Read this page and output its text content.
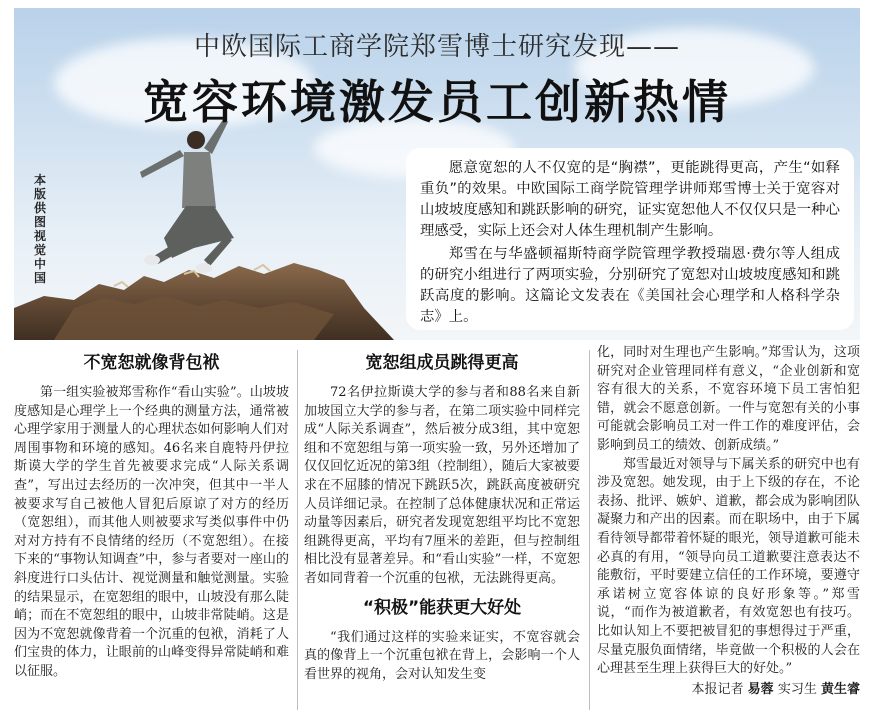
中欧国际工商学院郑雪博士研究发现——
宽容环境激发员工创新热情
本版供图 视觉中国

愿意宽恕的人不仅宽的是“胸襟”，更能跳得更高，产生“如释重负”的效果。中欧国际工商学院管理学讲师郑雪博士关于宽容对山坡坡度感知和跳跃影响的研究，证实宽恕他人不仅仅只是一种心理感受，实际上还会对人体生理机制产生影响。

郑雪在与华盛顿福斯特商学院管理学教授瑞恩·费尔等人组成的研究小组进行了两项实验，分别研究了宽恕对山坡坡度感知和跳跃高度的影响。这篇论文发表在《美国社会心理学和人格科学杂志》上。

不宽恕就像背包袱

第一组实验被郑雪称作“看山实验”。山坡坡度感知是心理学上一个经典的测量方法，通常被心理学家用于测量人的心理状态如何影响人们对周围事物和环境的感知。46名来自鹿特丹伊拉斯谟大学的学生首先被要求完成“人际关系调查”，写出过去经历的一次冲突，但其中一半人被要求写自己被他人冒犯后原谅了对方的经历（宽恕组），而其他人则被要求写类似事件中仍对对方持有不良情绪的经历（不宽恕组）。在接下来的“事物认知调查”中，参与者要对一座山的斜度进行口头估计、视觉测量和触觉测量。实验的结果显示，在宽恕组的眼中，山坡没有那么陡峭；而在不宽恕组的眼中，山坡非常陡峭。这是因为不宽恕就像背着一个沉重的包袱，消耗了人们宝贵的体力，让眼前的山峰变得异常陡峭和难以征服。

宽恕组成员跳得更高

72名伊拉斯谟大学的参与者和88名来自新加坡国立大学的参与者，在第二项实验中同样完成“人际关系调查”，然后被分成3组，其中宽恕组和不宽恕组与第一项实验一致，另外还增加了仅仅回忆近况的第3组（控制组），随后大家被要求在不屈膝的情况下跳跃5次，跳跃高度被研究人员详细记录。在控制了总体健康状况和正常运动量等因素后，研究者发现宽恕组平均比不宽恕组跳得更高，平均有7厘米的差距，但与控制组相比没有显著差异。和“看山实验”一样，不宽恕者如同背着一个沉重的包袱，无法跳得更高。

“积极”能获更大好处

“我们通过这样的实验来证实，不宽容就会真的像背上一个沉重包袱在背上，会影响一个人看世界的视角，会对认知发生变

化，同时对生理也产生影响。”郑雪认为，这项研究对企业管理同样有意义，“企业创新和宽容有很大的关系，不宽容环境下员工害怕犯错，就会不愿意创新。一件与宽恕有关的小事可能就会影响员工对一件工作的难度评估，会影响到员工的绩效、创新成绩。”

郑雪最近对领导与下属关系的研究中也有涉及宽恕。她发现，由于上下级的存在，不论表扬、批评、嫉妒、道歉，都会成为影响团队凝聚力和产出的因素。而在职场中，由于下属看待领导都带着怀疑的眼光，领导道歉可能未必真的有用，“领导向员工道歉要注意表达不能敷衍，平时要建立信任的工作环境，要遵守承诺树立宽容体谅的良好形象等。”郑雪说，“而作为被道歉者，有效宽恕也有技巧。比如认知上不要把被冒犯的事想得过于严重，尽量克服负面情绪，毕竟做一个积极的人会在心理甚至生理上获得巨大的好处。”

本报记者 易蓉 实习生 黄生睿
